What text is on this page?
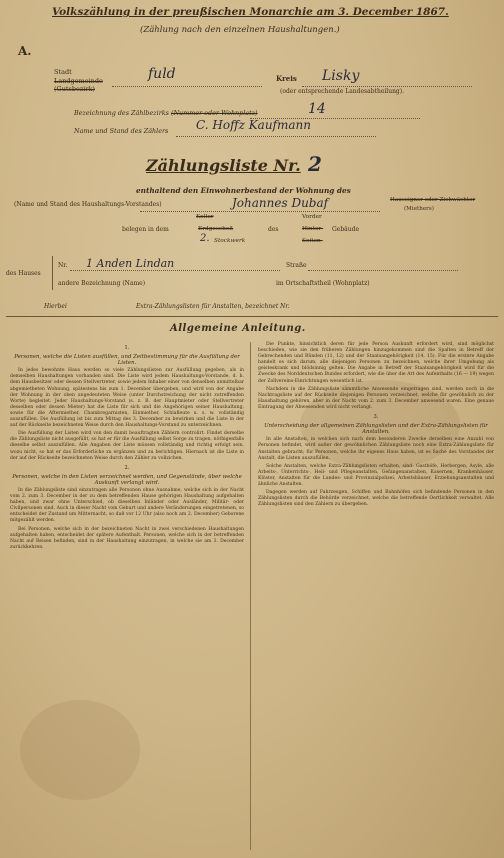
Volkszählung in der preußischen Monarchie am 3. December 1867.
(Zählung nach den einzelnen Haushaltungen.)
A.
Stadt
Landgemeinde
(Gutsbezirk)
fuld	Kreis Lisky
(oder entsprechende Landesabtheilung).
Bezeichnung des Zählbezirks (Nummer oder Wohnplatz)	14
Name und Stand des Zählers C. Hoffz Kaufmann
Zählungsliste Nr. 2
enthaltend den Einwohnerbestand der Wohnung des
(Name und Stand des Haushaltungs-Vorstandes)	Johannes Dubaf	Hauseigner oder Ziehwächter
(Miethers)
belegen in dem
Keller
Erdgeschoß
2. Stockwerk
des
Vorder
Hinter-
Seiten-
Gebäude
des Hauses
Nr. 1 Anden Lindan	Straße
andere Bezeichnung (Name)	im Ortschaftstheil (Wohnplatz)
Hierbei	Extra-Zählungslisten für Anstalten, bezeichnet Nr.
Allgemeine Anleitung.
1.
Personen, welche die Listen ausfüllen, und Zeitbestimmung für die Ausfüllung der Listen.

In jedes bewohnte Haus werden so viele Zählungslisten zur Ausfüllung gegeben, als in demselben Haushaltungen vorhanden sind. Die Liste wird jedem Haushaltungs-Vorstande, d. h. dem Hausbesitzer oder dessen Stellvertreter, sowie jedem Inhaber einer von denselben unmittelbar abgemietheten Wohnung, spätestens bis zum 1. December übergeben, und wird von der Angabe der Wohnung in der oben angedeuteten Weise (unter Durchstreichung der nicht zutreffenden Worte) begleitet. Jeder Haushaltungs-Vorstand (s. z. B. der Hauptmieter oder Stellvertreter desselben oder dessen Mieter) hat die Liste für sich und die Angehörigen seiner Haushaltung, sowie für die Aftermiether, Chambregarnisten, Einmiether, Schlafleute u. s. w. vollständig auszufüllen. Die Ausfüllung ist bis zum Mittag des 3. December zu bewirken und die Liste in der auf der Rückseite bezeichneten Weise durch den Haushaltungs-Vorstand zu unterzeichnen.

Die Ausfüllung der Listen wird von den damit beauftragten Zählern controlirt. Findet derselbe die Zählungsliste nicht ausgefüllt, so hat er für die Ausfüllung selbst Sorge zu tragen, nöthigenfalls dieselbe selbst auszufüllen. Alle Angaben der Liste müssen vollständig und richtig erfolgt sein, wozu nicht, so hat er das Erforderliche zu ergänzen und zu berichtigen. Hiernach ist die Liste in der auf der Rückseite bezeichneten Weise durch den Zähler zu vollzichen.

2.
Personen, welche in den Listen verzeichnet werden, und Gegenstände, über welche Auskunft verlangt wird.

In die Zählungsliste sind einzutragen alle Personen ohne Ausnahme, welche sich in der Nacht vom 2. zum 3. December in der zu dem betreffenden Hause gehörigen Haushaltung aufgehalten haben, und zwar ohne Unterschied, ob dieselben Inländer oder Ausländer, Militär- oder Civilpersonen sind. Auch in dieser Nacht vom Geburt und andere Veränderungen eingetretenen, so entscheidet der Zustand um Mitternacht, so daß vor 12 Uhr (also noch am 2. December) Geborene mitgezählt werden.

Bei Personen, welche sich in der bezeichneten Nacht in zwei verschiedenen Haushaltungen aufgehalten haben, entscheidet der spätere Aufenthalt. Personen, welche sich in der betreffenden Nacht auf Reisen befinden, sind in der Haushaltung einzutragen, in welche sie am 3. December zurückkehren.

Die Punkte, hinsichtlich deren für jede Person Auskunft erfordert wird, sind möglichst beschieden, wie sie den früheren Zählungen hinzugekommen sind die Spalten in Betreff der Gebrechenden und Blinden (11, 12) und der Staatsangehörigkeit (14, 15). Für die erstere Angabe handelt es sich darum, alle diejenigen Personen zu bezeichnen, welche ihrer Umgebung als geisteskrank und blödsinnig gelten. Die Angabe in Betreff der Staatsangehörigkeit wird für die Zwecke des Norddeutschen Bundes erfordert, wie die über die Art des Aufenthalts (16 — 19) wegen der Zollvereins-Einrichtungen wesentlich ist.

Nachdem in die Zählungsliste sämmtliche Anwesende eingetragen sind, werden noch in die Nachtragsliste auf der Rückseite diejenigen Personen verzeichnet, welche für gewöhnlich zu der Haushaltung gehören, aber in der Nacht vom 2. zum 3. December anwesend waren. Eine genaue Eintragung der Abwesenden wird nicht verlangt.

3.
Unterscheidung der allgemeinen Zählungslisten und der Extra-Zählungslisten für Anstalten.

In alle Anstalten, in welchen sich nach dem besonderen Zwecke derselben eine Anzahl von Personen befindet, wird außer der gewöhnlichen Zählungsliste noch eine Extra-Zählungsliste für Anstalten gebracht; für Personen, welche ihr eigenes Haus haben, ist es Sache des Vorstandes der Anstalt, die Listen auszufüllen.

Solche Anstalten, welche Extra-Zählungslisten erhalten, sind: Gasthöfe, Herbergen, Asyle, alle Arbeits-, Unterrichts-, Heil- und Pflegeanstalten, Gefangenanstalten, Kasernen, Krankenhäuser, Klöster, Anstalten für die Landes- und Provinzialpolizei, Arbeitshäuser, Erziehungsanstalten und ähnliche Anstalten.

Dagegen werden auf Fahrzeugen, Schiffen und Bahnhöfen sich befindende Personen in den Zählungslisten durch die Behörde verzeichnet, welche die betreffende Oertlichkeit verwaltet. Alle Zählungslisten sind den Zählern zu übergeben.
